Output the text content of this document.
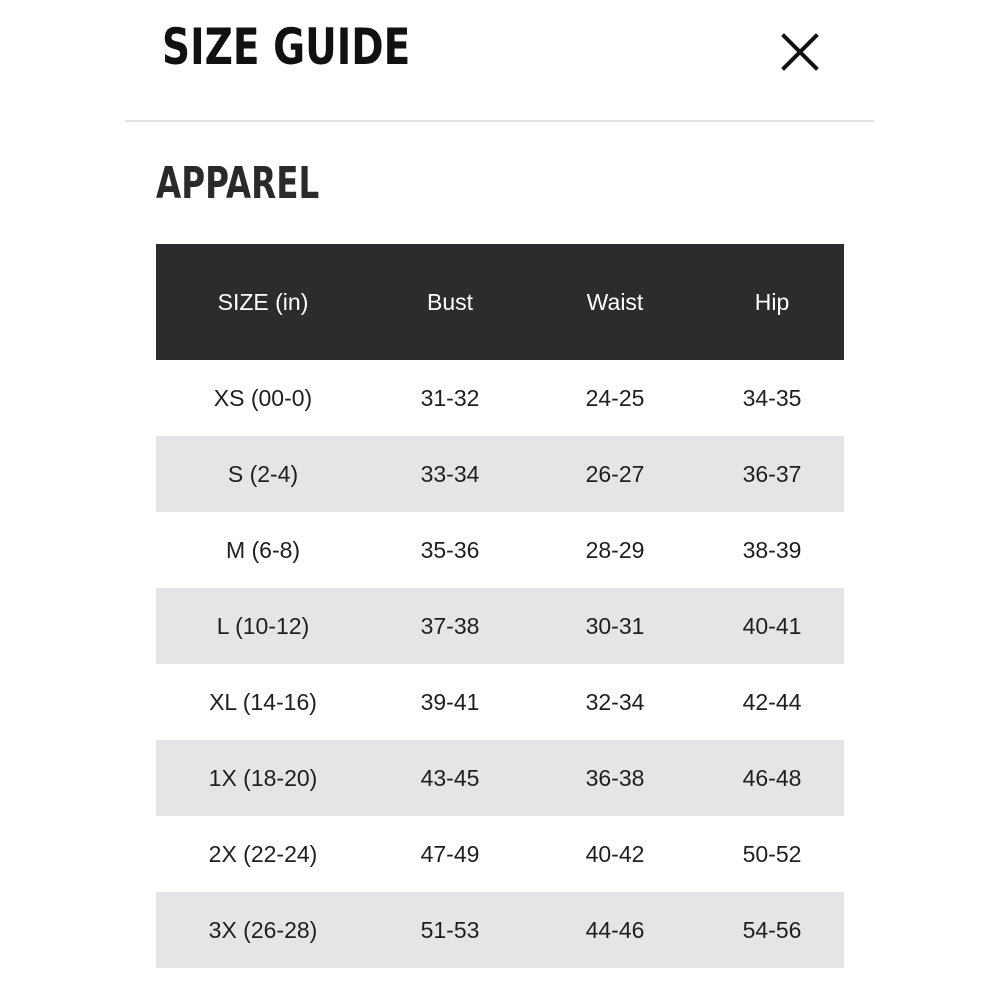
SIZE GUIDE
APPAREL
SIZE (in)	Bust	Waist	Hip
XS (00-0)	31-32	24-25	34-35
S (2-4)	33-34	26-27	36-37
M (6-8)	35-36	28-29	38-39
L (10-12)	37-38	30-31	40-41
XL (14-16)	39-41	32-34	42-44
1X (18-20)	43-45	36-38	46-48
2X (22-24)	47-49	40-42	50-52
3X (26-28)	51-53	44-46	54-56
